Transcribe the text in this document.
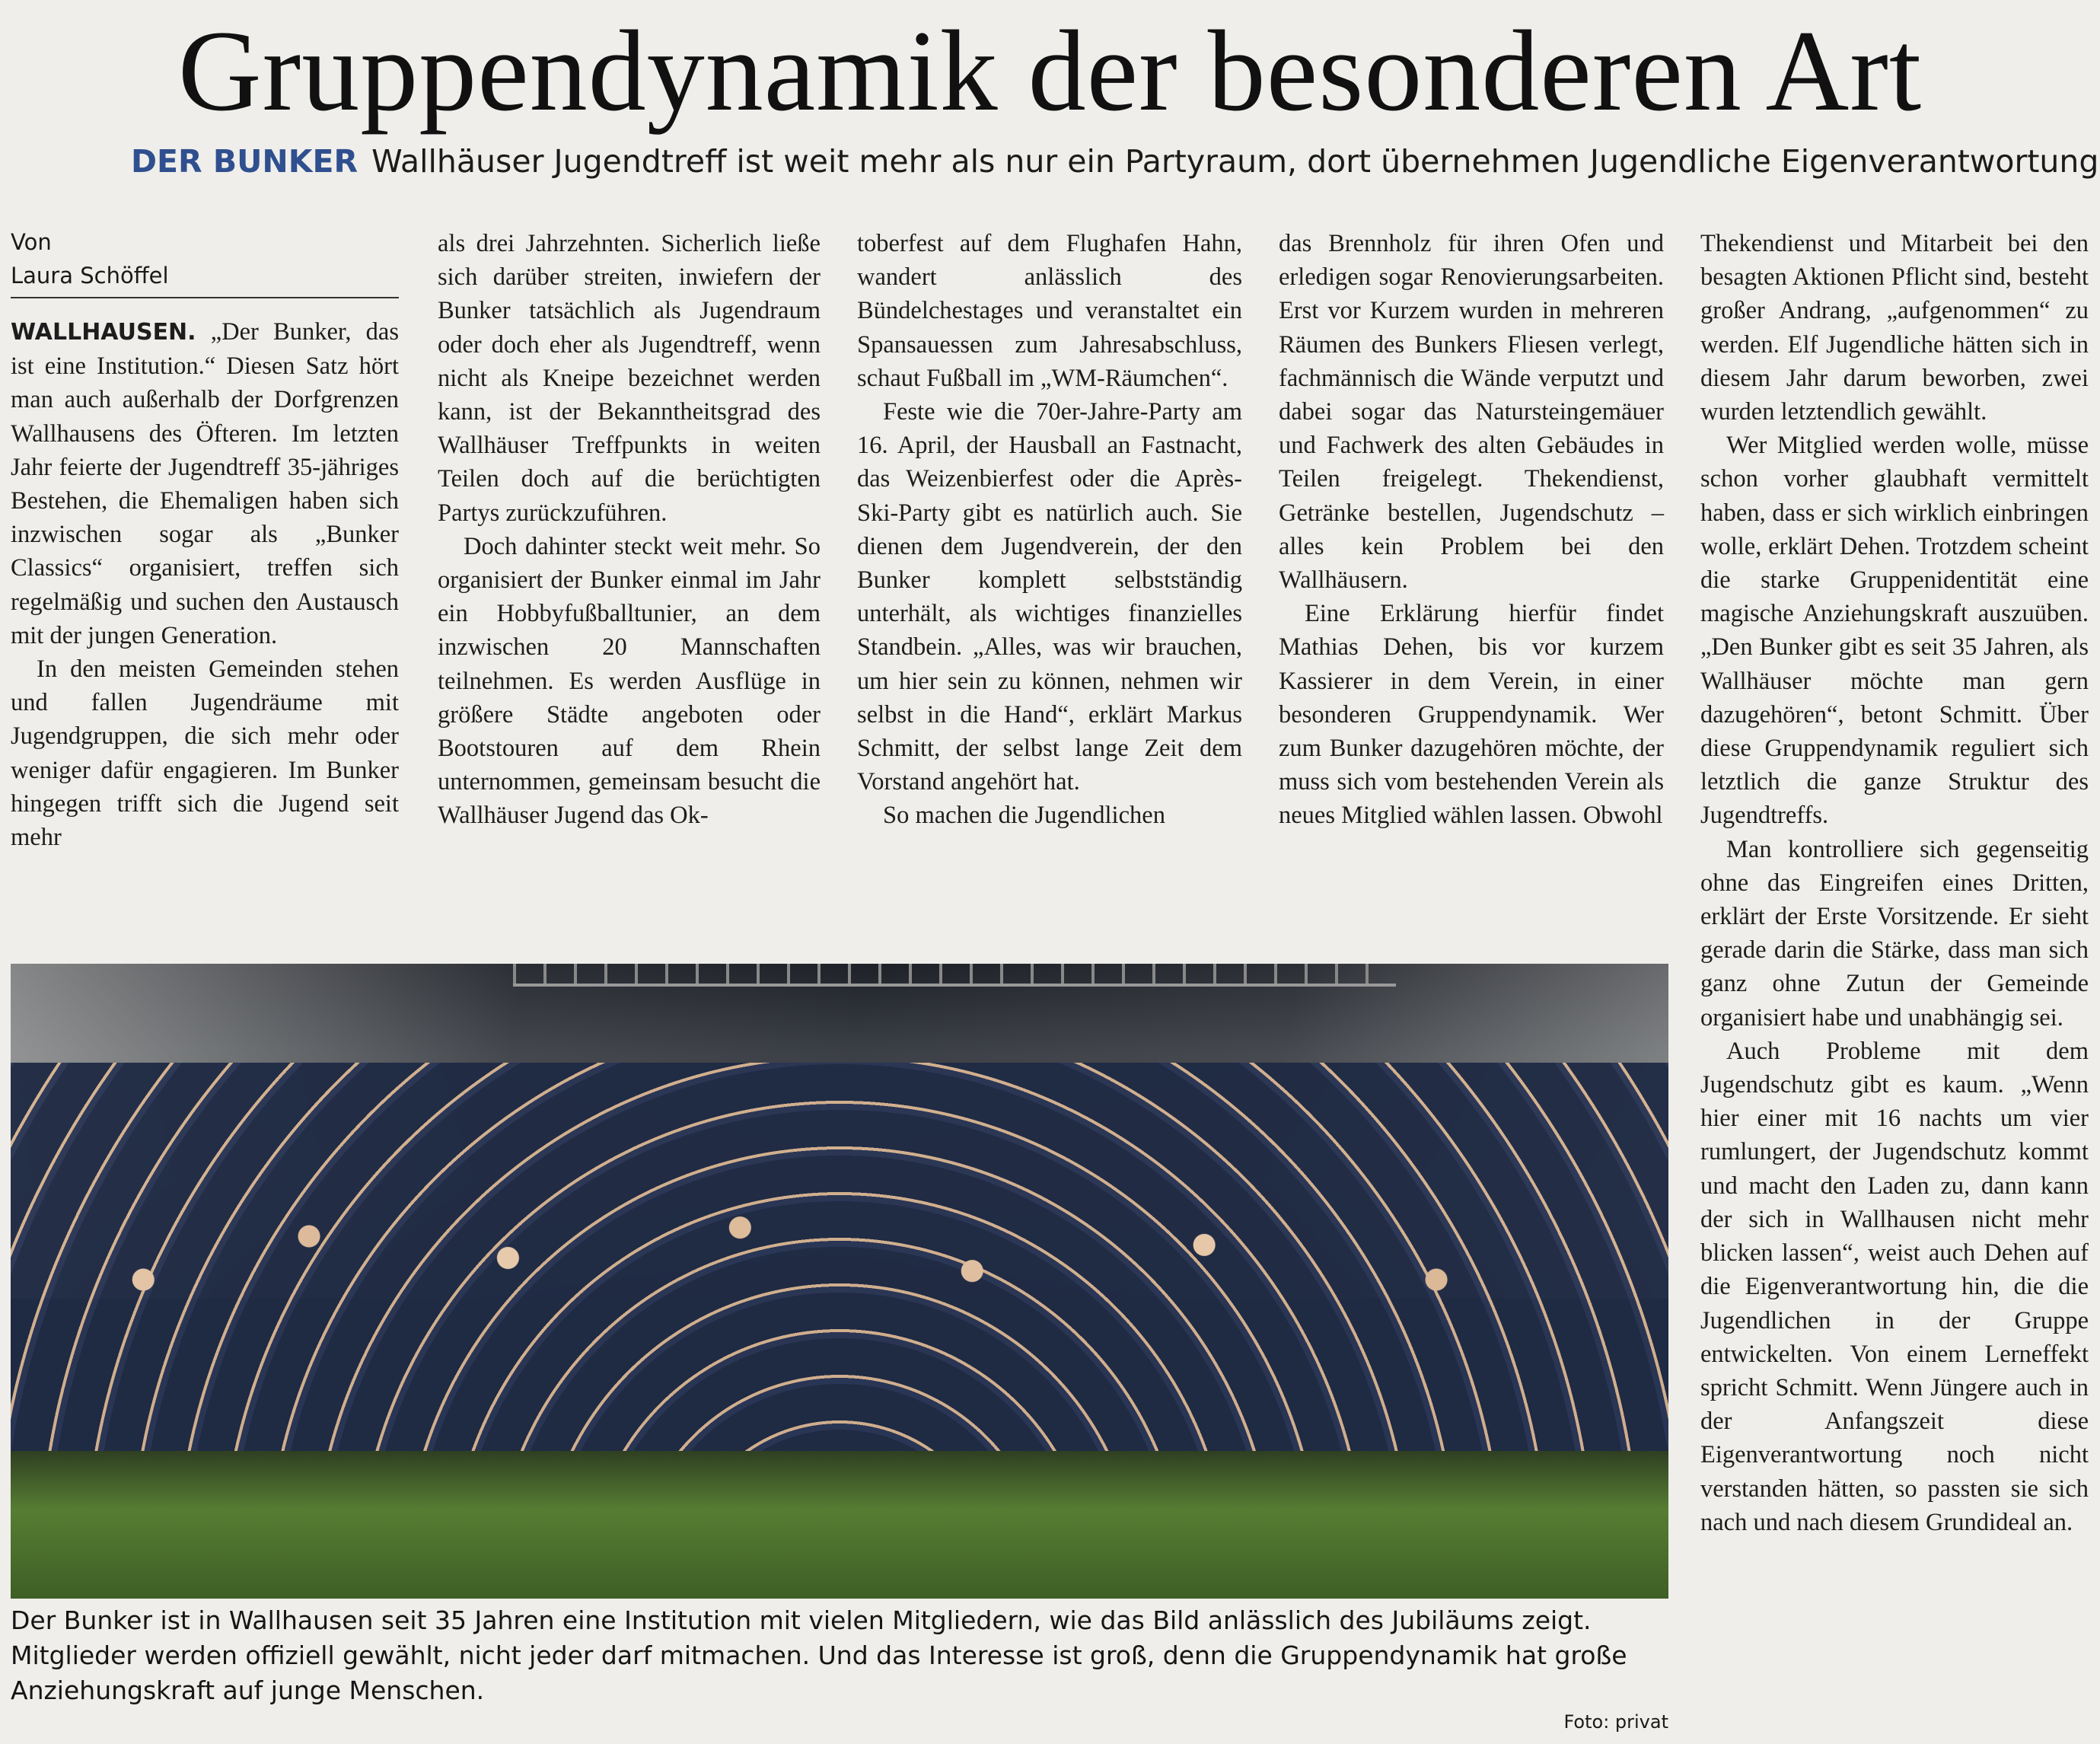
Gruppendynamik der besonderen Art
DER BUNKER Wallhäuser Jugendtreff ist weit mehr als nur ein Partyraum, dort übernehmen Jugendliche Eigenverantwortung
Von
Laura Schöffel

WALLHAUSEN. „Der Bunker, das ist eine Institution.“ Diesen Satz hört man auch außerhalb der Dorfgrenzen Wallhausens des Öfteren. Im letzten Jahr feierte der Jugendtreff 35-jähriges Bestehen, die Ehemaligen haben sich inzwischen sogar als „Bunker Classics“ organisiert, treffen sich regelmäßig und suchen den Austausch mit der jungen Generation.

In den meisten Gemeinden stehen und fallen Jugendräume mit Jugendgruppen, die sich mehr oder weniger dafür engagieren. Im Bunker hingegen trifft sich die Jugend seit mehr

als drei Jahrzehnten. Sicherlich ließe sich darüber streiten, inwiefern der Bunker tatsächlich als Jugendraum oder doch eher als Jugendtreff, wenn nicht als Kneipe bezeichnet werden kann, ist der Bekanntheitsgrad des Wallhäuser Treffpunkts in weiten Teilen doch auf die berüchtigten Partys zurückzuführen.

Doch dahinter steckt weit mehr. So organisiert der Bunker einmal im Jahr ein Hobbyfußballtunier, an dem inzwischen 20 Mannschaften teilnehmen. Es werden Ausflüge in größere Städte angeboten oder Bootstouren auf dem Rhein unternommen, gemeinsam besucht die Wallhäuser Jugend das Ok-

toberfest auf dem Flughafen Hahn, wandert anlässlich des Bündelchestages und veranstaltet ein Spansauessen zum Jahresabschluss, schaut Fußball im „WM-Räumchen“.

Feste wie die 70er-Jahre-Party am 16. April, der Hausball an Fastnacht, das Weizenbierfest oder die Après-Ski-Party gibt es natürlich auch. Sie dienen dem Jugendverein, der den Bunker komplett selbstständig unterhält, als wichtiges finanzielles Standbein. „Alles, was wir brauchen, um hier sein zu können, nehmen wir selbst in die Hand“, erklärt Markus Schmitt, der selbst lange Zeit dem Vorstand angehört hat.

So machen die Jugendlichen

das Brennholz für ihren Ofen und erledigen sogar Renovierungsarbeiten. Erst vor Kurzem wurden in mehreren Räumen des Bunkers Fliesen verlegt, fachmännisch die Wände verputzt und dabei sogar das Natursteingemäuer und Fachwerk des alten Gebäudes in Teilen freigelegt. Thekendienst, Getränke bestellen, Jugendschutz – alles kein Problem bei den Wallhäusern.

Eine Erklärung hierfür findet Mathias Dehen, bis vor kurzem Kassierer in dem Verein, in einer besonderen Gruppendynamik. Wer zum Bunker dazugehören möchte, der muss sich vom bestehenden Verein als neues Mitglied wählen lassen. Obwohl

Thekendienst und Mitarbeit bei den besagten Aktionen Pflicht sind, besteht großer Andrang, „aufgenommen“ zu werden. Elf Jugendliche hätten sich in diesem Jahr darum beworben, zwei wurden letztendlich gewählt.

Wer Mitglied werden wolle, müsse schon vorher glaubhaft vermittelt haben, dass er sich wirklich einbringen wolle, erklärt Dehen. Trotzdem scheint die starke Gruppenidentität eine magische Anziehungskraft auszuüben. „Den Bunker gibt es seit 35 Jahren, als Wallhäuser möchte man gern dazugehören“, betont Schmitt. Über diese Gruppendynamik reguliert sich letztlich die ganze Struktur des Jugendtreffs.

Man kontrolliere sich gegenseitig ohne das Eingreifen eines Dritten, erklärt der Erste Vorsitzende. Er sieht gerade darin die Stärke, dass man sich ganz ohne Zutun der Gemeinde organisiert habe und unabhängig sei.

Auch Probleme mit dem Jugendschutz gibt es kaum. „Wenn hier einer mit 16 nachts um vier rumlungert, der Jugendschutz kommt und macht den Laden zu, dann kann der sich in Wallhausen nicht mehr blicken lassen“, weist auch Dehen auf die Eigenverantwortung hin, die die Jugendlichen in der Gruppe entwickelten. Von einem Lerneffekt spricht Schmitt. Wenn Jüngere auch in der Anfangszeit diese Eigenverantwortung noch nicht verstanden hätten, so passten sie sich nach und nach diesem Grundideal an.

Der Bunker ist in Wallhausen seit 35 Jahren eine Institution mit vielen Mitgliedern, wie das Bild anlässlich des Jubiläums zeigt. Mitglieder werden offiziell gewählt, nicht jeder darf mitmachen. Und das Interesse ist groß, denn die Gruppendynamik hat große Anziehungskraft auf junge Menschen.
Foto: privat
